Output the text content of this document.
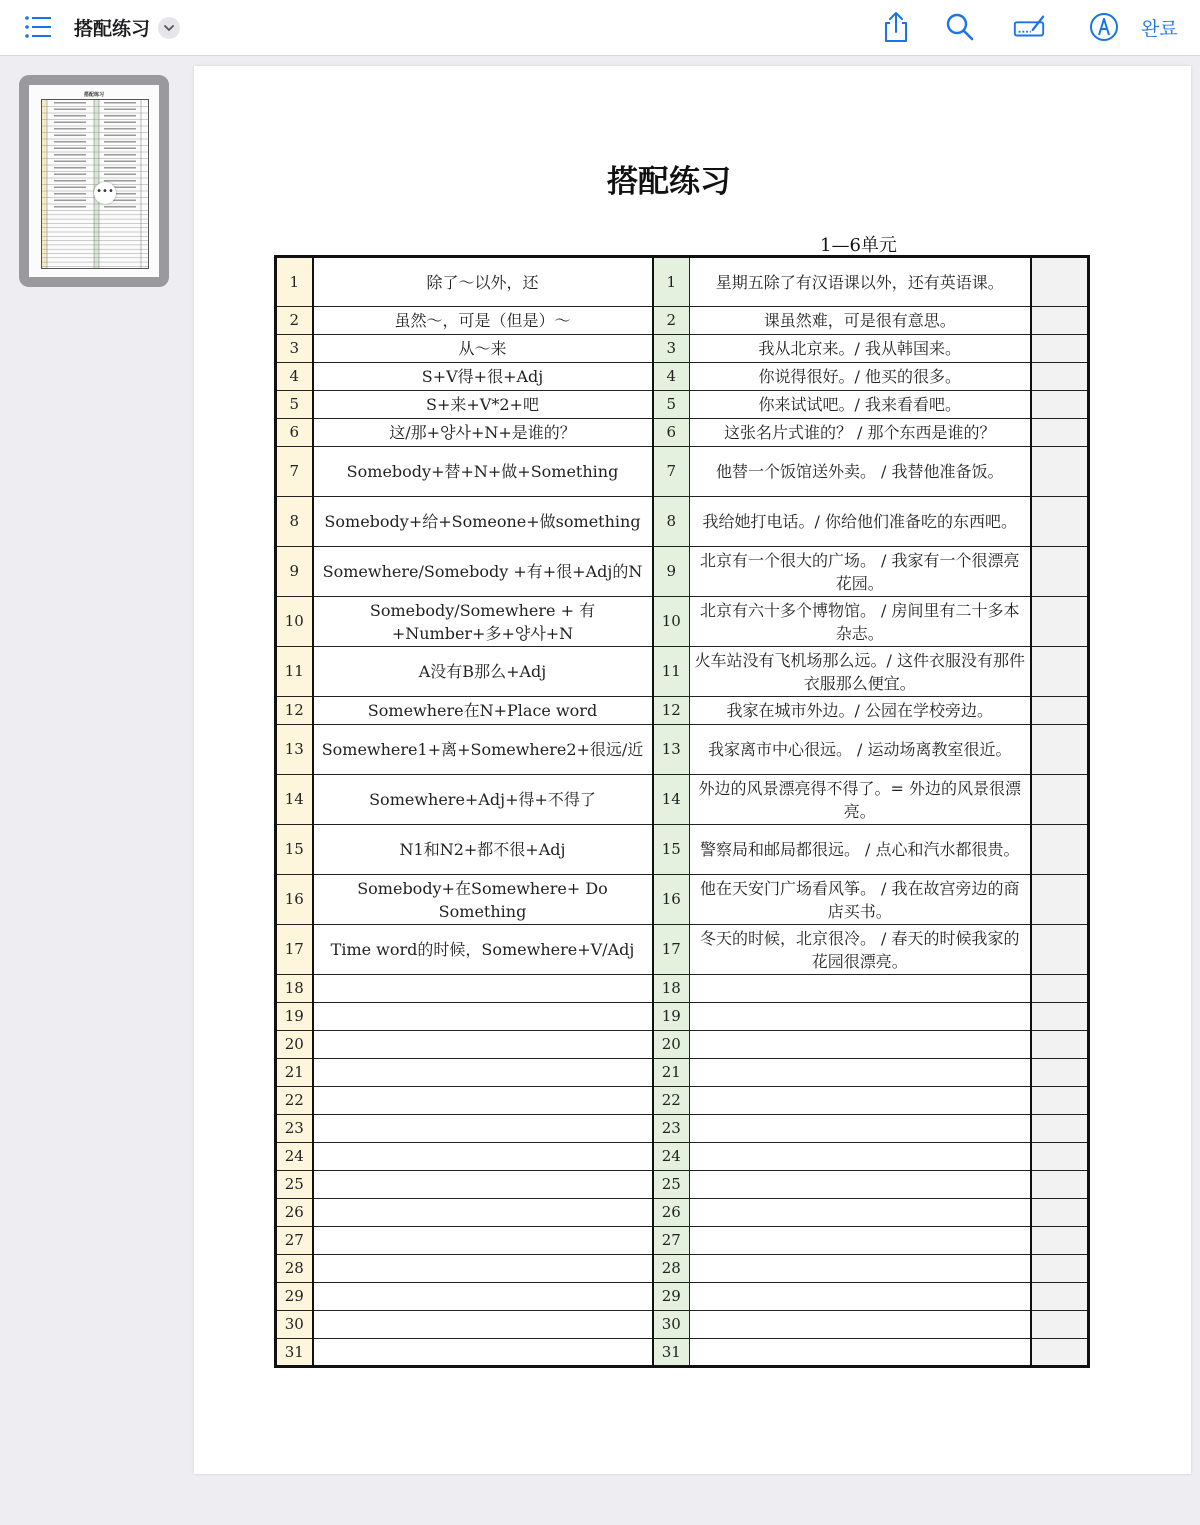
搭配练习	완료
搭配练习
•••	搭配练习
1—6单元
1	除了～以外，还	1	星期五除了有汉语课以外，还有英语课。	
2	虽然～，可是（但是）～	2	课虽然难，可是很有意思。	
3	从～来	3	我从北京来。/ 我从韩国来。	
4	S+V得+很+Adj	4	你说得很好。/ 他买的很多。	
5	S+来+V*2+吧	5	你来试试吧。/ 我来看看吧。	
6	这/那+양사+N+是谁的？	6	这张名片式谁的？ / 那个东西是谁的？	
7	Somebody+替+N+做+Something	7	他替一个饭馆送外卖。 / 我替他准备饭。	
8	Somebody+给+Someone+做something	8	我给她打电话。/ 你给他们准备吃的东西吧。	
9	Somewhere/Somebody +有+很+Adj的N	9	北京有一个很大的广场。 / 我家有一个很漂亮花园。	
10	Somebody/Somewhere + 有+Number+多+양사+N	10	北京有六十多个博物馆。 / 房间里有二十多本杂志。	
11	A没有B那么+Adj	11	火车站没有飞机场那么远。/ 这件衣服没有那件衣服那么便宜。	
12	Somewhere在N+Place word	12	我家在城市外边。/ 公园在学校旁边。	
13	Somewhere1+离+Somewhere2+很远/近	13	我家离市中心很远。 / 运动场离教室很近。	
14	Somewhere+Adj+得+不得了	14	外边的风景漂亮得不得了。= 外边的风景很漂亮。	
15	N1和N2+都不很+Adj	15	警察局和邮局都很远。 / 点心和汽水都很贵。	
16	Somebody+在Somewhere+ Do Something	16	他在天安门广场看风筝。 / 我在故宫旁边的商店买书。	
17	Time word的时候，Somewhere+V/Adj	17	冬天的时候，北京很冷。 / 春天的时候我家的花园很漂亮。	
18		18		
19		19		
20		20		
21		21		
22		22		
23		23		
24		24		
25		25		
26		26		
27		27		
28		28		
29		29		
30		30		
31		31		
